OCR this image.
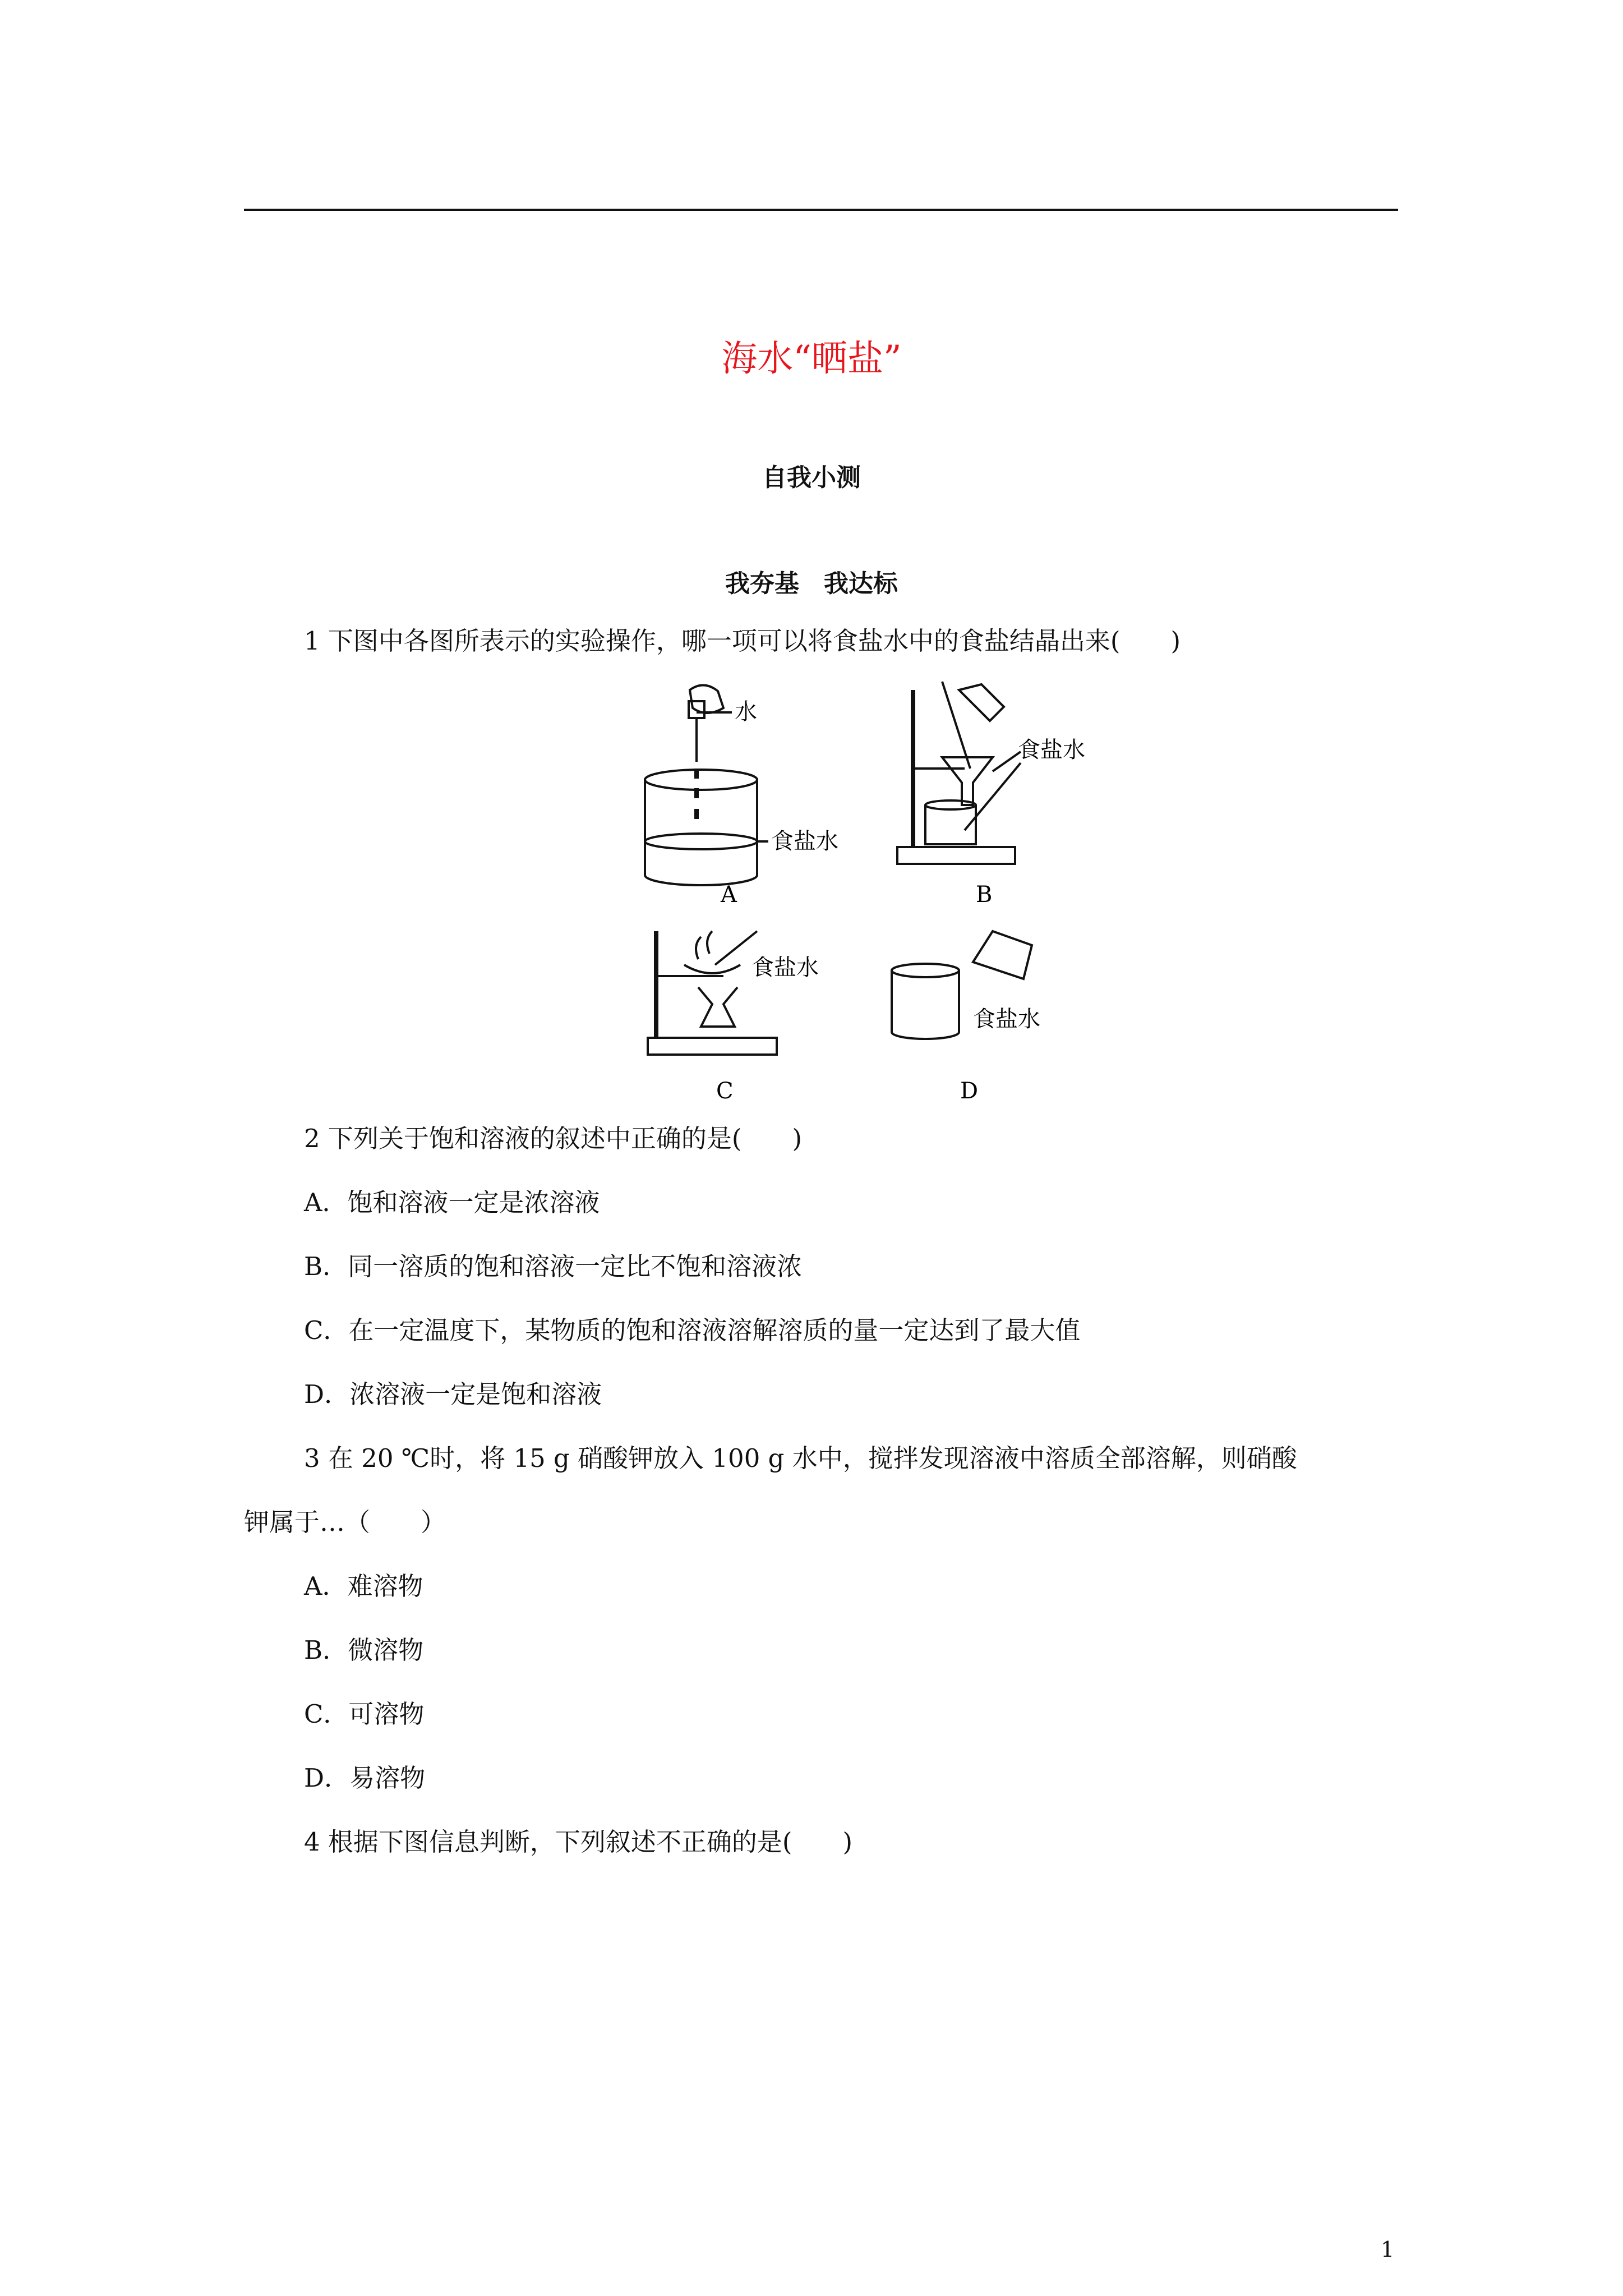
海水“晒盐”
自我小测
我夯基　我达标
1 下图中各图所表示的实验操作，哪一项可以将食盐水中的食盐结晶出来(　　)
水
食盐水
A
食盐水
B
食盐水
C
食盐水
D
2 下列关于饱和溶液的叙述中正确的是(　　)
A．饱和溶液一定是浓溶液
B．同一溶质的饱和溶液一定比不饱和溶液浓
C．在一定温度下，某物质的饱和溶液溶解溶质的量一定达到了最大值
D．浓溶液一定是饱和溶液
3 在 20 ℃时，将 15 g 硝酸钾放入 100 g 水中，搅拌发现溶液中溶质全部溶解，则硝酸
钾属于…（　　）
A．难溶物
B．微溶物
C．可溶物
D．易溶物
4 根据下图信息判断，下列叙述不正确的是(　　)
1
